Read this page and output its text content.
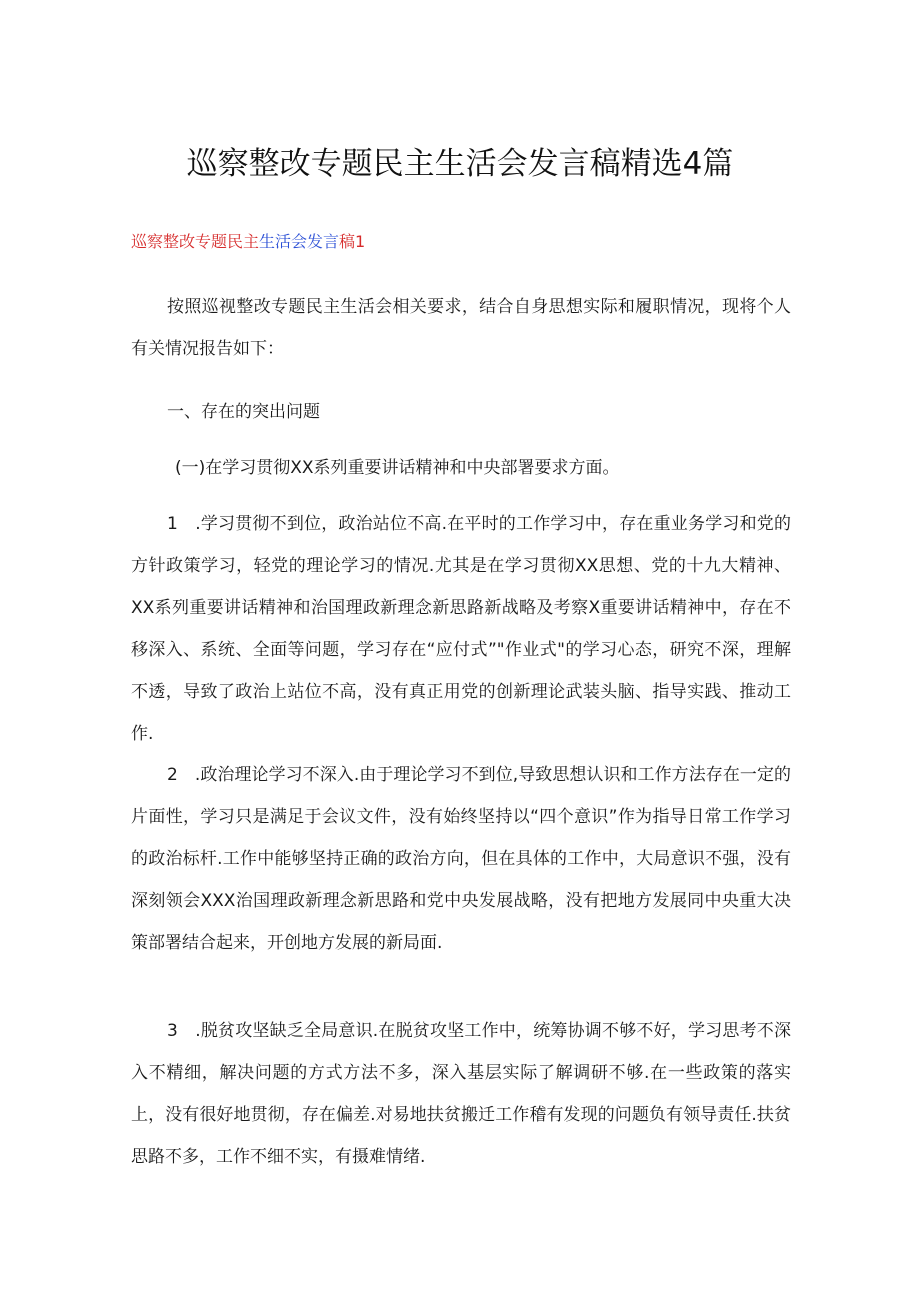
巡察整改专题民主生活会发言稿精选4篇

巡察整改专题民主生活会发言稿1

按照巡视整改专题民主生活会相关要求，结合自身思想实际和履职情况，现将个人有关情况报告如下：

一、存在的突出问题

(一)在学习贯彻XX系列重要讲话精神和中央部署要求方面。

1　.学习贯彻不到位，政治站位不高.在平时的工作学习中，存在重业务学习和党的方针政策学习，轻党的理论学习的情况.尤其是在学习贯彻XX思想、党的十九大精神、XX系列重要讲话精神和治国理政新理念新思路新战略及考察X重要讲话精神中，存在不移深入、系统、全面等问题，学习存在“应付式”"作业式"的学习心态，研究不深，理解不透，导致了政治上站位不高，没有真正用党的创新理论武装头脑、指导实践、推动工作.

2　.政治理论学习不深入.由于理论学习不到位,导致思想认识和工作方法存在一定的片面性，学习只是满足于会议文件，没有始终坚持以“四个意识”作为指导日常工作学习的政治标杆.工作中能够坚持正确的政治方向，但在具体的工作中，大局意识不强，没有深刻领会XXX治国理政新理念新思路和党中央发展战略，没有把地方发展同中央重大决策部署结合起来，开创地方发展的新局面.

3　.脱贫攻坚缺乏全局意识.在脱贫攻坚工作中，统筹协调不够不好，学习思考不深入不精细，解决问题的方式方法不多，深入基层实际了解调研不够.在一些政策的落实上，没有很好地贯彻，存在偏差.对易地扶贫搬迁工作稽有发现的问题负有领导责任.扶贫思路不多，工作不细不实，有摄难情绪.
